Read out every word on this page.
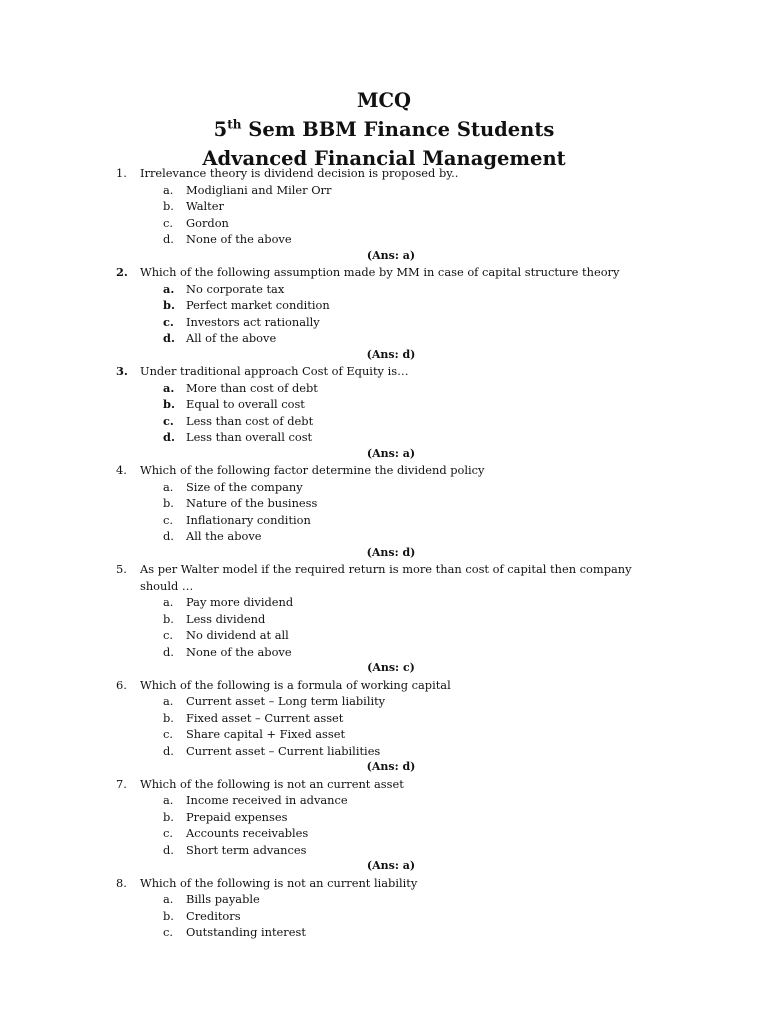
MCQ
5th Sem BBM Finance Students
Advanced Financial Management
1. Irrelevance theory is dividend decision is proposed by..
a. Modigliani and Miler Orr
b. Walter
c. Gordon
d. None of the above
(Ans: a)
2. Which of the following assumption made by MM in case of capital structure theory
a. No corporate tax
b. Perfect market condition
c. Investors act rationally
d. All of the above
(Ans: d)
3. Under traditional approach Cost of Equity is…
a. More than cost of debt
b. Equal to overall cost
c. Less than cost of debt
d. Less than overall cost
(Ans: a)
4. Which of the following factor determine the dividend policy
a. Size of the company
b. Nature of the business
c. Inflationary condition
d. All the above
(Ans: d)
5. As per Walter model if the required return is more than cost of capital then company
should …
a. Pay more dividend
b. Less dividend
c. No dividend at all
d. None of the above
(Ans: c)
6. Which of the following is a formula of working capital
a. Current asset – Long term liability
b. Fixed asset – Current asset
c. Share capital + Fixed asset
d. Current asset – Current liabilities
(Ans: d)
7. Which of the following is not an current asset
a. Income received in advance
b. Prepaid expenses
c. Accounts receivables
d. Short term advances
(Ans: a)
8. Which of the following is not an current liability
a. Bills payable
b. Creditors
c. Outstanding interest
